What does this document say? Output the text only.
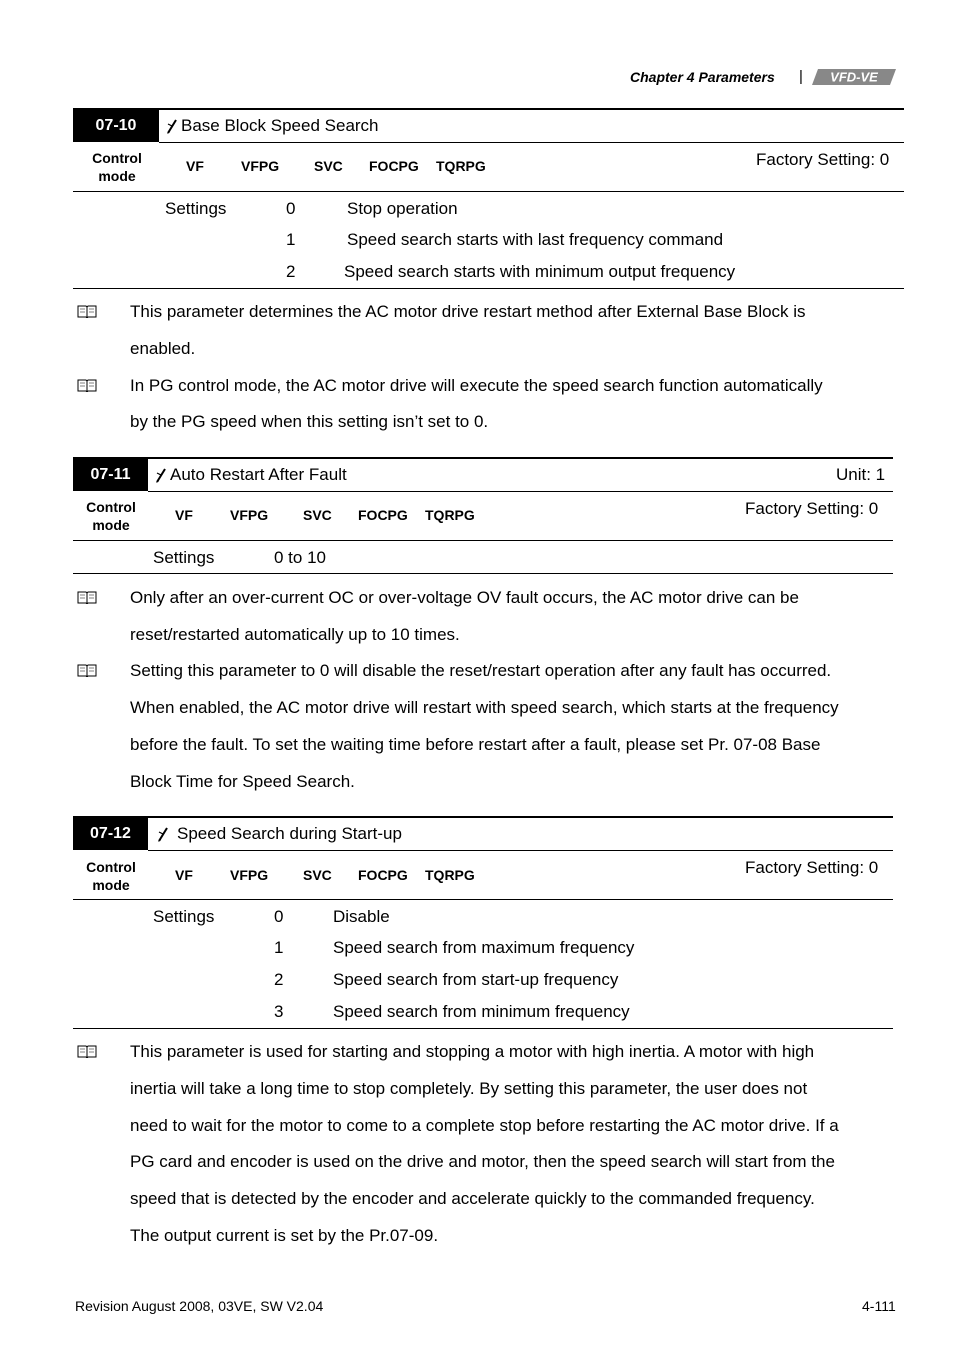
Chapter 4 Parameters | VFD-VE
07-10	Base Block Speed Search
Control mode
VF	VFPG SVC FOCPG TQRPG	Factory Setting: 0
Settings	0	Stop operation
1	Speed search starts with last frequency command
2	Speed search starts with minimum output frequency
This parameter determines the AC motor drive restart method after External Base Block is
enabled.
In PG control mode, the AC motor drive will execute the speed search function automatically
by the PG speed when this setting isn’t set to 0.
07-11	Auto Restart After Fault	Unit: 1
Control mode
VF	VFPG SVC FOCPG TQRPG	Factory Setting: 0
Settings	0 to 10
Only after an over-current OC or over-voltage OV fault occurs, the AC motor drive can be
reset/restarted automatically up to 10 times.
Setting this parameter to 0 will disable the reset/restart operation after any fault has occurred.
When enabled, the AC motor drive will restart with speed search, which starts at the frequency
before the fault. To set the waiting time before restart after a fault, please set Pr. 07-08 Base
Block Time for Speed Search.
07-12	Speed Search during Start-up
Control mode
VF	VFPG SVC FOCPG TQRPG	Factory Setting: 0
Settings	0	Disable
1	Speed search from maximum frequency
2	Speed search from start-up frequency
3	Speed search from minimum frequency
This parameter is used for starting and stopping a motor with high inertia. A motor with high
inertia will take a long time to stop completely. By setting this parameter, the user does not
need to wait for the motor to come to a complete stop before restarting the AC motor drive. If a
PG card and encoder is used on the drive and motor, then the speed search will start from the
speed that is detected by the encoder and accelerate quickly to the commanded frequency.
The output current is set by the Pr.07-09.
Revision August 2008, 03VE, SW V2.04	4-111
